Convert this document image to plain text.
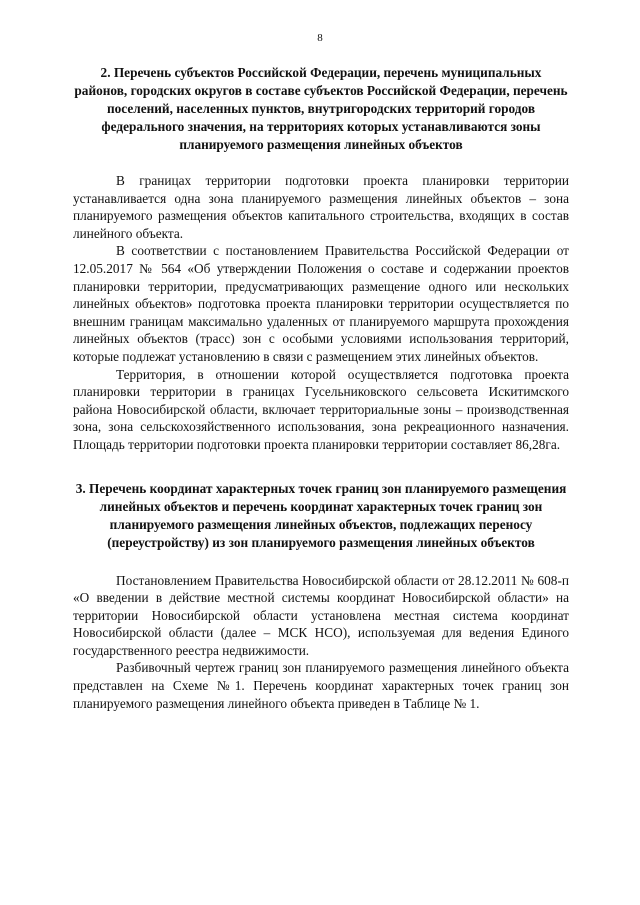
8
2. Перечень субъектов Российской Федерации, перечень муниципальных районов, городских округов в составе субъектов Российской Федерации, перечень поселений, населенных пунктов, внутригородских территорий городов федерального значения, на территориях которых устанавливаются зоны планируемого размещения линейных объектов

В границах территории подготовки проекта планировки территории устанавливается одна зона планируемого размещения линейных объектов – зона планируемого размещения объектов капитального строительства, входящих в состав линейного объекта.

В соответствии с постановлением Правительства Российской Федерации от 12.05.2017 № 564 «Об утверждении Положения о составе и содержании проектов планировки территории, предусматривающих размещение одного или нескольких линейных объектов» подготовка проекта планировки территории осуществляется по внешним границам максимально удаленных от планируемого маршрута прохождения линейных объектов (трасс) зон с особыми условиями использования территорий, которые подлежат установлению в связи с размещением этих линейных объектов.

Территория, в отношении которой осуществляется подготовка проекта планировки территории в границах Гусельниковского сельсовета Искитимского района Новосибирской области, включает территориальные зоны – производственная зона, зона сельскохозяйственного использования, зона рекреационного назначения. Площадь территории подготовки проекта планировки территории составляет 86,28га.

3. Перечень координат характерных точек границ зон планируемого размещения линейных объектов и перечень координат характерных точек границ зон планируемого размещения линейных объектов, подлежащих переносу (переустройству) из зон планируемого размещения линейных объектов

Постановлением Правительства Новосибирской области от 28.12.2011 № 608-п «О введении в действие местной системы координат Новосибирской области» на территории Новосибирской области установлена местная система координат Новосибирской области (далее – МСК НСО), используемая для ведения Единого государственного реестра недвижимости.

Разбивочный чертеж границ зон планируемого размещения линейного объекта представлен на Схеме №1. Перечень координат характерных точек границ зон планируемого размещения линейного объекта приведен в Таблице № 1.
